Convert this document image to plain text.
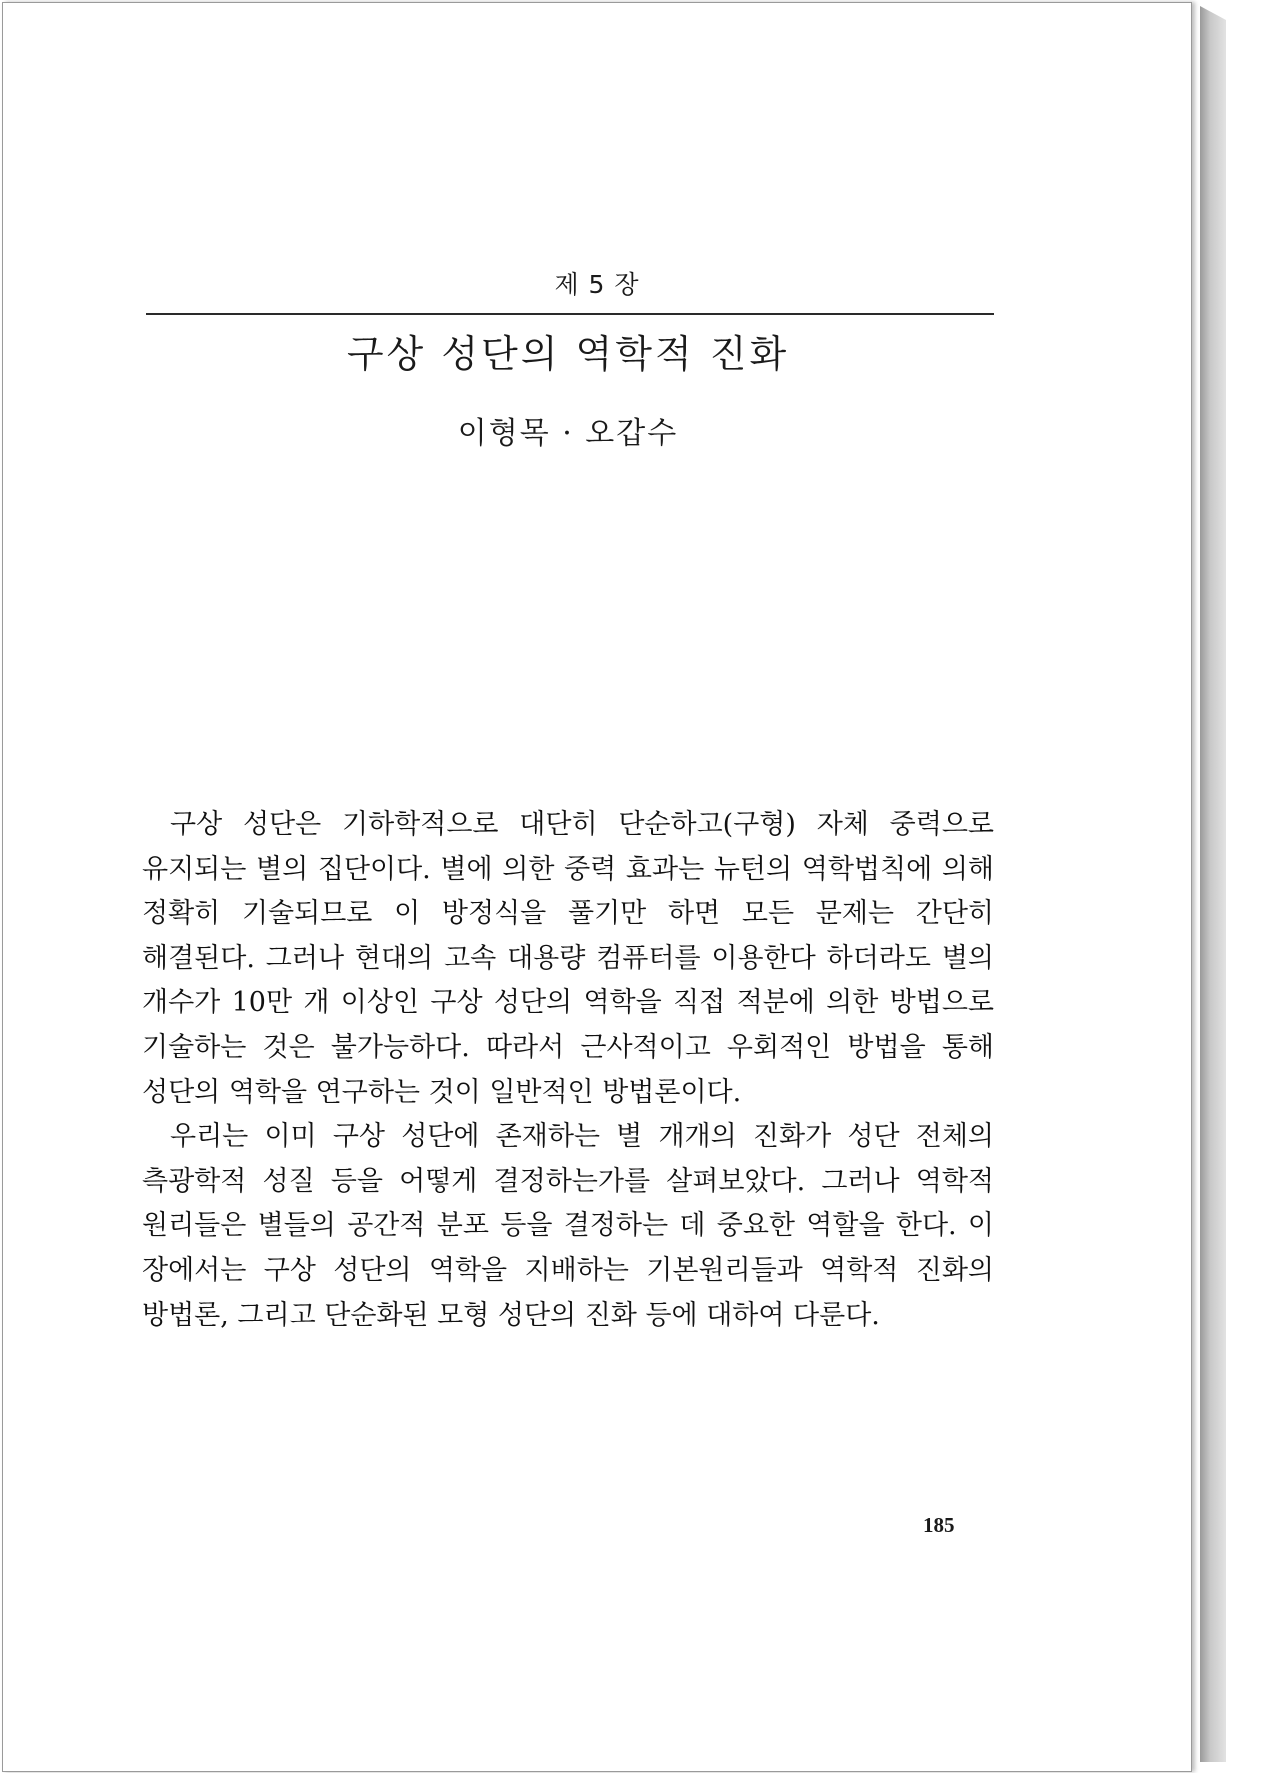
제 5 장
구상 성단의 역학적 진화
이형목 · 오갑수

구상 성단은 기하학적으로 대단히 단순하고(구형) 자체 중력으로 유지되는 별의 집단이다. 별에 의한 중력 효과는 뉴턴의 역학법칙에 의해 정확히 기술되므로 이 방정식을 풀기만 하면 모든 문제는 간단히 해결된다. 그러나 현대의 고속 대용량 컴퓨터를 이용한다 하더라도 별의 개수가 10만 개 이상인 구상 성단의 역학을 직접 적분에 의한 방법으로 기술하는 것은 불가능하다. 따라서 근사적이고 우회적인 방법을 통해 성단의 역학을 연구하는 것이 일반적인 방법론이다.

우리는 이미 구상 성단에 존재하는 별 개개의 진화가 성단 전체의 측광학적 성질 등을 어떻게 결정하는가를 살펴보았다. 그러나 역학적 원리들은 별들의 공간적 분포 등을 결정하는 데 중요한 역할을 한다. 이 장에서는 구상 성단의 역학을 지배하는 기본원리들과 역학적 진화의 방법론, 그리고 단순화된 모형 성단의 진화 등에 대하여 다룬다.

185
